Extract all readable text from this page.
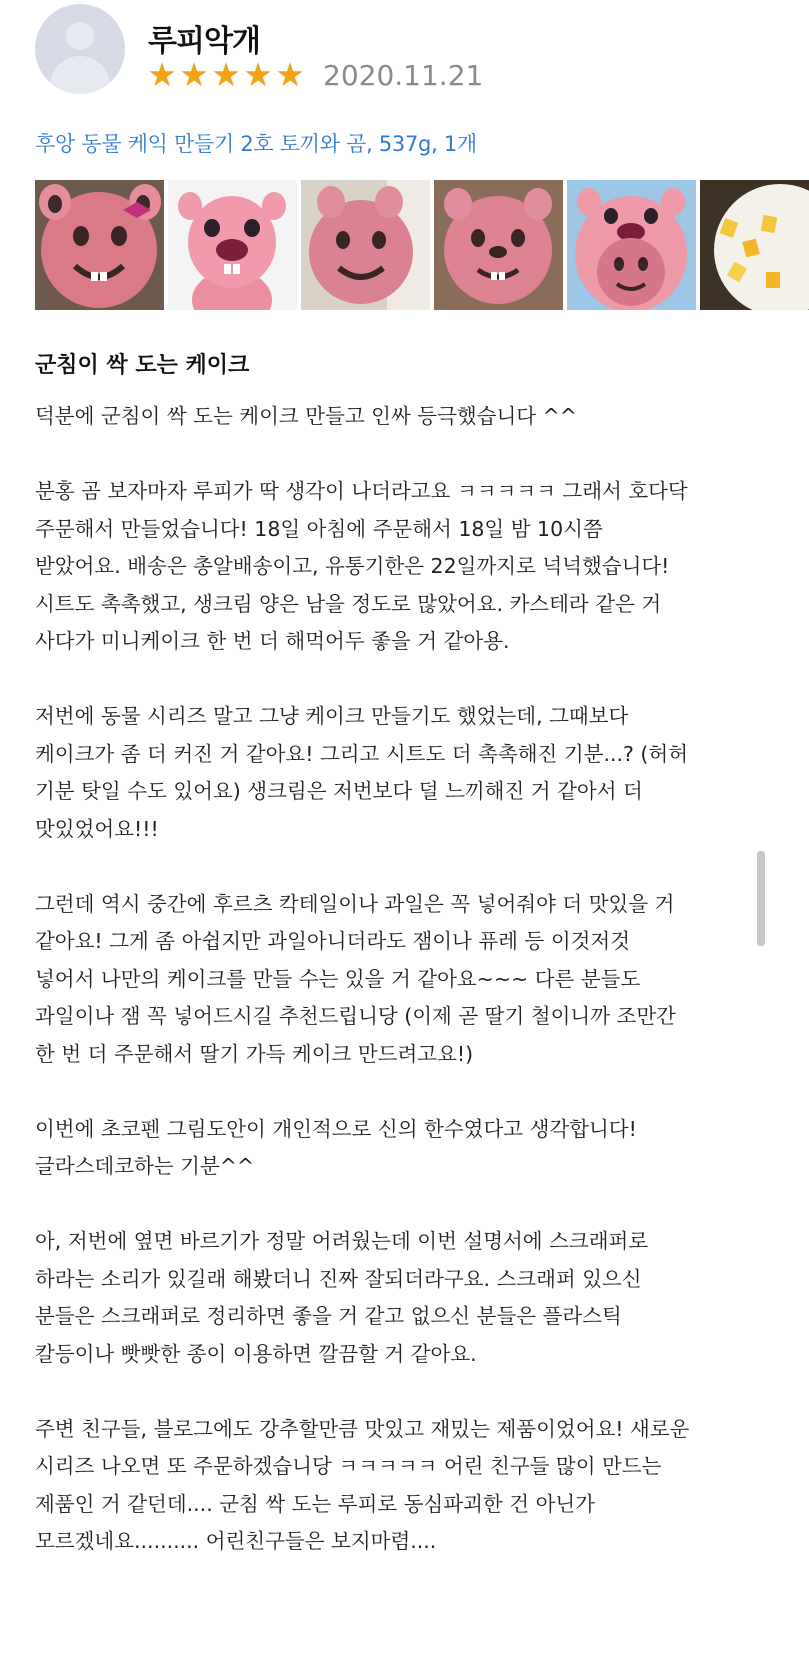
루피악개
★ ★ ★ ★ ★ 2020.11.21
후앙 동물 케익 만들기 2호 토끼와 곰, 537g, 1개
군침이 싹 도는 케이크

덕분에 군침이 싹 도는 케이크 만들고 인싸 등극했습니다 ^^

분홍 곰 보자마자 루피가 딱 생각이 나더라고요 ㅋㅋㅋㅋㅋ 그래서 호다닥

주문해서 만들었습니다! 18일 아침에 주문해서 18일 밤 10시쯤

받았어요. 배송은 총알배송이고, 유통기한은 22일까지로 넉넉했습니다!

시트도 촉촉했고, 생크림 양은 남을 정도로 많았어요. 카스테라 같은 거

사다가 미니케이크 한 번 더 해먹어두 좋을 거 같아용.

저번에 동물 시리즈 말고 그냥 케이크 만들기도 했었는데, 그때보다

케이크가 좀 더 커진 거 같아요! 그리고 시트도 더 촉촉해진 기분...? (허허

기분 탓일 수도 있어요) 생크림은 저번보다 덜 느끼해진 거 같아서 더

맛있었어요!!!

그런데 역시 중간에 후르츠 칵테일이나 과일은 꼭 넣어줘야 더 맛있을 거

같아요! 그게 좀 아쉽지만 과일아니더라도 잼이나 퓨레 등 이것저것

넣어서 나만의 케이크를 만들 수는 있을 거 같아요~~~ 다른 분들도

과일이나 잼 꼭 넣어드시길 추천드립니당 (이제 곧 딸기 철이니까 조만간

한 번 더 주문해서 딸기 가득 케이크 만드려고요!)

이번에 초코펜 그림도안이 개인적으로 신의 한수였다고 생각합니다!

글라스데코하는 기분^^

아, 저번에 옆면 바르기가 정말 어려웠는데 이번 설명서에 스크래퍼로

하라는 소리가 있길래 해봤더니 진짜 잘되더라구요. 스크래퍼 있으신

분들은 스크래퍼로 정리하면 좋을 거 같고 없으신 분들은 플라스틱

칼등이나 빳빳한 종이 이용하면 깔끔할 거 같아요.

주변 친구들, 블로그에도 강추할만큼 맛있고 재밌는 제품이었어요! 새로운

시리즈 나오면 또 주문하겠습니당 ㅋㅋㅋㅋㅋ 어린 친구들 많이 만드는

제품인 거 같던데.... 군침 싹 도는 루피로 동심파괴한 건 아닌가

모르겠네요.......... 어린친구들은 보지마렴....
